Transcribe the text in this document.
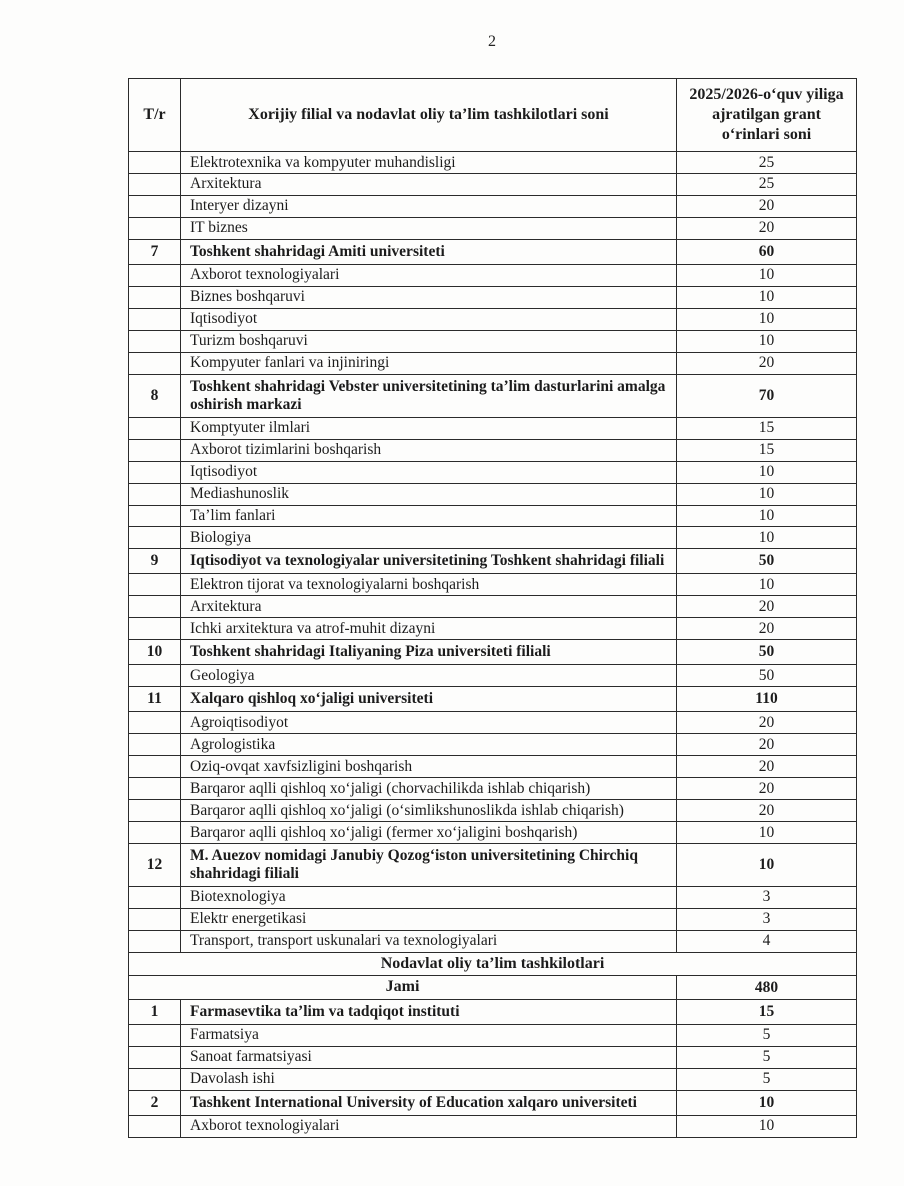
2
T/r	Xorijiy filial va nodavlat oliy ta’lim tashkilotlari soni	2025/2026-oʻquv yiliga ajratilgan grant oʻrinlari soni
	Elektrotexnika va kompyuter muhandisligi	25
	Arxitektura	25
	Interyer dizayni	20
	IT biznes	20
7	Toshkent shahridagi Amiti universiteti	60
	Axborot texnologiyalari	10
	Biznes boshqaruvi	10
	Iqtisodiyot	10
	Turizm boshqaruvi	10
	Kompyuter fanlari va injiniringi	20
8	Toshkent shahridagi Vebster universitetining ta’lim dasturlarini amalga oshirish markazi	70
	Komptyuter ilmlari	15
	Axborot tizimlarini boshqarish	15
	Iqtisodiyot	10
	Mediashunoslik	10
	Ta’lim fanlari	10
	Biologiya	10
9	Iqtisodiyot va texnologiyalar universitetining Toshkent shahridagi filiali	50
	Elektron tijorat va texnologiyalarni boshqarish	10
	Arxitektura	20
	Ichki arxitektura va atrof-muhit dizayni	20
10	Toshkent shahridagi Italiyaning Piza universiteti filiali	50
	Geologiya	50
11	Xalqaro qishloq xoʻjaligi universiteti	110
	Agroiqtisodiyot	20
	Agrologistika	20
	Oziq-ovqat xavfsizligini boshqarish	20
	Barqaror aqlli qishloq xoʻjaligi (chorvachilikda ishlab chiqarish)	20
	Barqaror aqlli qishloq xoʻjaligi (oʻsimlikshunoslikda ishlab chiqarish)	20
	Barqaror aqlli qishloq xoʻjaligi (fermer xoʻjaligini boshqarish)	10
12	M. Auezov nomidagi Janubiy Qozogʻiston universitetining Chirchiq shahridagi filiali	10
	Biotexnologiya	3
	Elektr energetikasi	3
	Transport, transport uskunalari va texnologiyalari	4
Nodavlat oliy ta’lim tashkilotlari		
Jami		480
1	Farmasevtika ta’lim va tadqiqot instituti	15
	Farmatsiya	5
	Sanoat farmatsiyasi	5
	Davolash ishi	5
2	Tashkent International University of Education xalqaro universiteti	10
	Axborot texnologiyalari	10
